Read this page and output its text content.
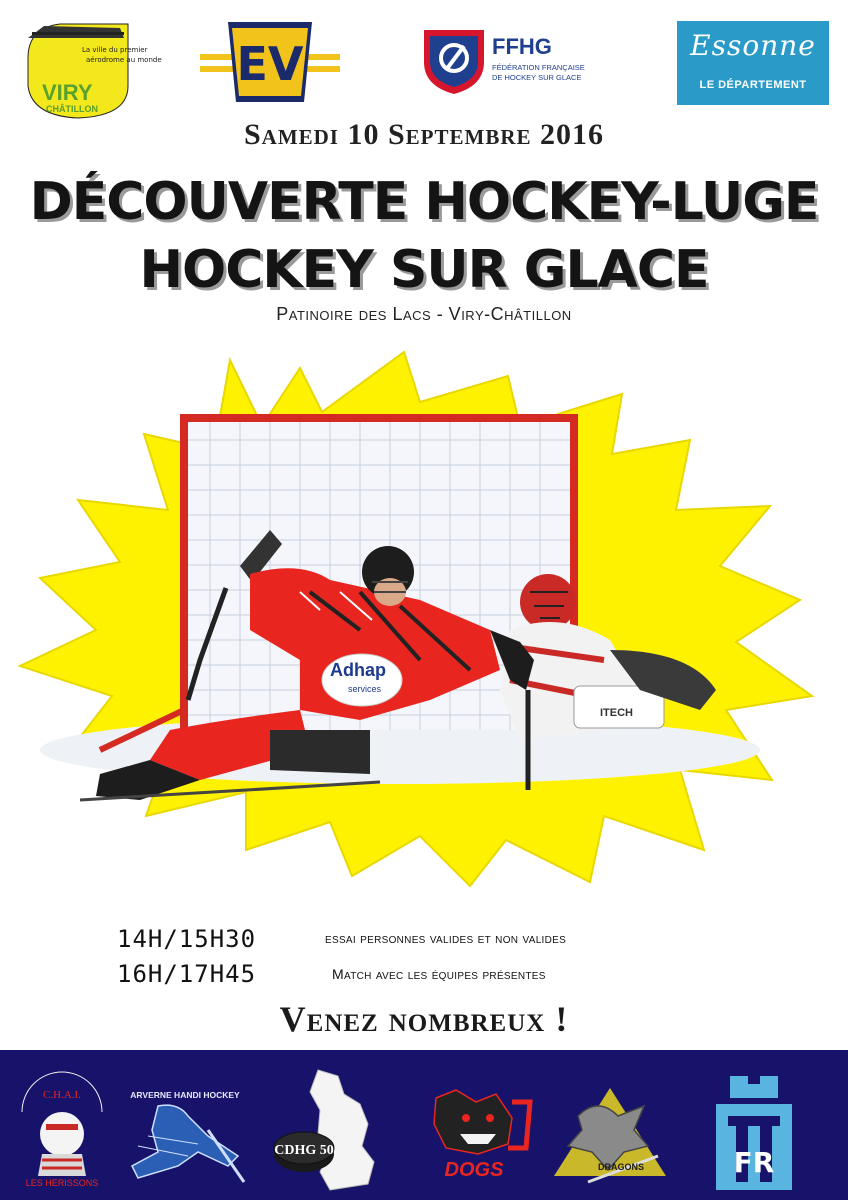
La ville du premier
aérodrome au monde
VIRY
CHÂTILLON
EV	FFHG
FÉDÉRATION FRANÇAISE
DE HOCKEY SUR GLACE
Essonne
LE DÉPARTEMENT
Samedi 10 Septembre 2016
DÉCOUVERTE HOCKEY-LUGE
HOCKEY SUR GLACE
Patinoire des Lacs - Viry-Châtillon
ITECH
Adhap
services
14H/15H30	essai personnes valides et non valides
16H/17H45	Match avec les équipes présentes
Venez nombreux !
C.H.A.I.
LES HERISSONS
ARVERNE HANDI HOCKEY
CDHG 50
DOGS	DRAGONS	FR
